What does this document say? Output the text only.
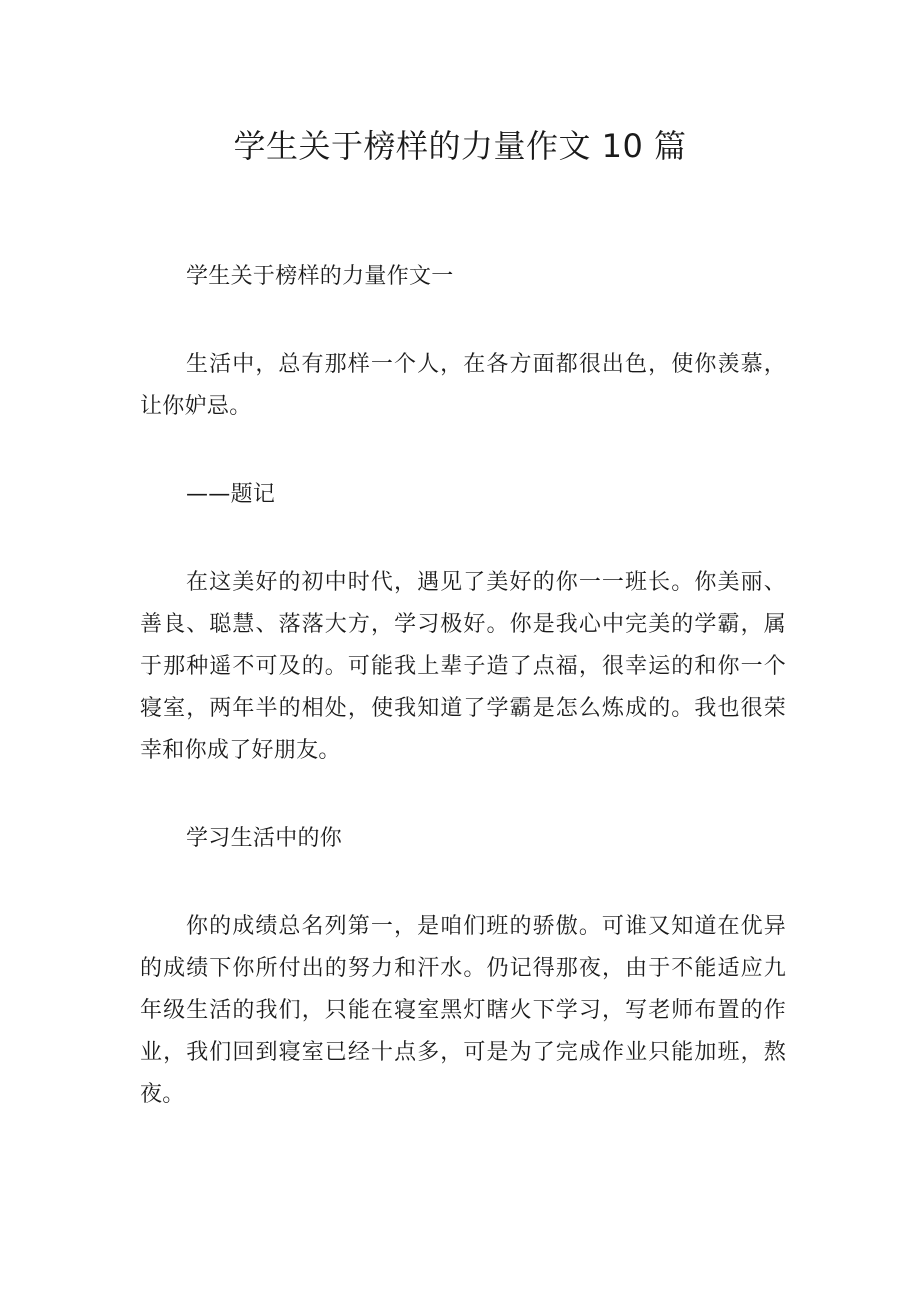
学生关于榜样的力量作文 10 篇

学生关于榜样的力量作文一

生活中，总有那样一个人，在各方面都很出色，使你羡慕，让你妒忌。

——题记

在这美好的初中时代，遇见了美好的你一一班长。你美丽、善良、聪慧、落落大方，学习极好。你是我心中完美的学霸，属于那种遥不可及的。可能我上辈子造了点福，很幸运的和你一个寝室，两年半的相处，使我知道了学霸是怎么炼成的。我也很荣幸和你成了好朋友。

学习生活中的你

你的成绩总名列第一，是咱们班的骄傲。可谁又知道在优异的成绩下你所付出的努力和汗水。仍记得那夜，由于不能适应九年级生活的我们，只能在寝室黑灯瞎火下学习，写老师布置的作业，我们回到寝室已经十点多，可是为了完成作业只能加班，熬夜。
